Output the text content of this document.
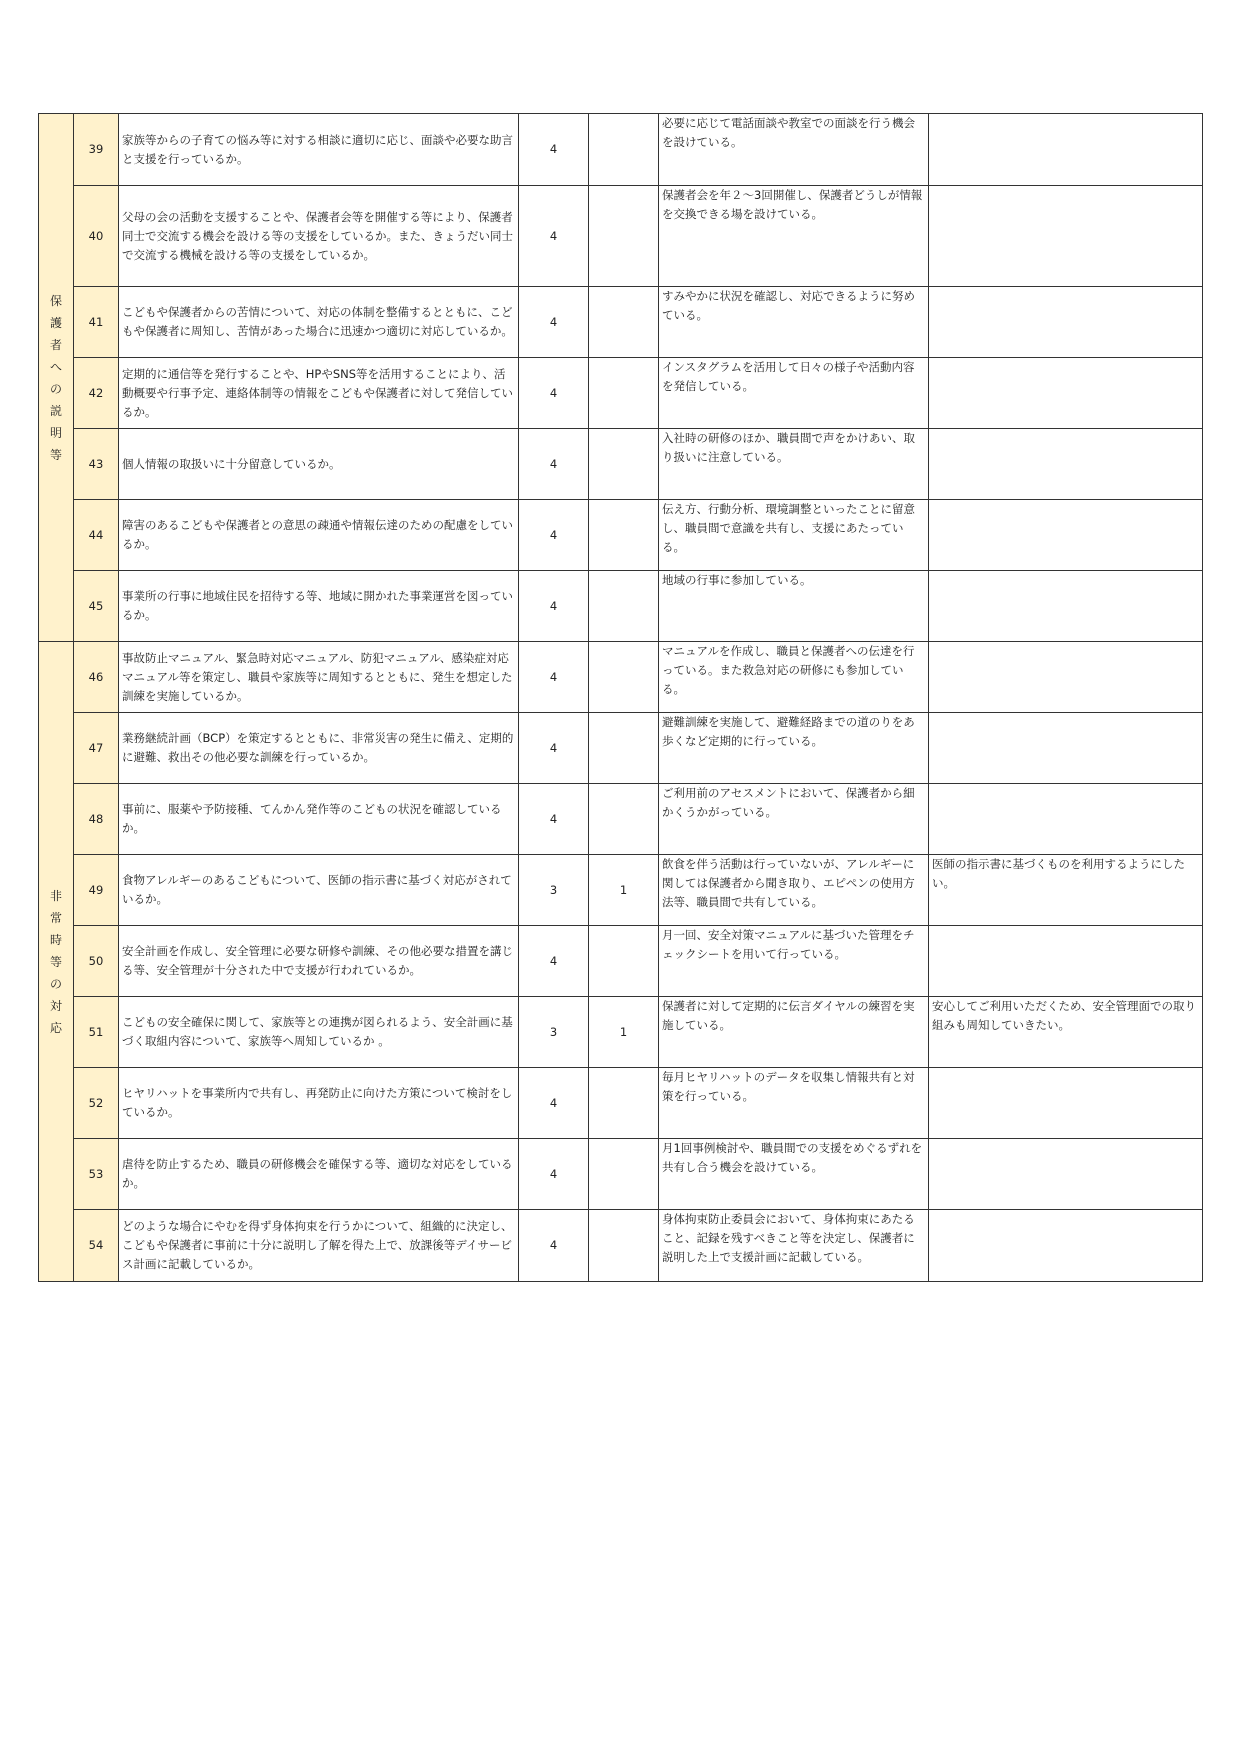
保護者への説明等	39	家族等からの子育ての悩み等に対する相談に適切に応じ、面談や必要な助言と支援を行っているか。	4		必要に応じて電話面談や教室での面談を行う機会を設けている。	
	40	父母の会の活動を支援することや、保護者会等を開催する等により、保護者同士で交流する機会を設ける等の支援をしているか。また、きょうだい同士で交流する機械を設ける等の支援をしているか。	4		保護者会を年２～3回開催し、保護者どうしが情報を交換できる場を設けている。	
	41	こどもや保護者からの苦情について、対応の体制を整備するとともに、こどもや保護者に周知し、苦情があった場合に迅速かつ適切に対応しているか。	4		すみやかに状況を確認し、対応できるように努めている。	
	42	定期的に通信等を発行することや、HPやSNS等を活用することにより、活動概要や行事予定、連絡体制等の情報をこどもや保護者に対して発信しているか。	4		インスタグラムを活用して日々の様子や活動内容を発信している。	
	43	個人情報の取扱いに十分留意しているか。	4		入社時の研修のほか、職員間で声をかけあい、取り扱いに注意している。	
	44	障害のあるこどもや保護者との意思の疎通や情報伝達のための配慮をしているか。	4		伝え方、行動分析、環境調整といったことに留意し、職員間で意識を共有し、支援にあたっている。	
	45	事業所の行事に地域住民を招待する等、地域に開かれた事業運営を図っているか。	4		地域の行事に参加している。	
非常時等の対応	46	事故防止マニュアル、緊急時対応マニュアル、防犯マニュアル、感染症対応マニュアル等を策定し、職員や家族等に周知するとともに、発生を想定した訓練を実施しているか。	4		マニュアルを作成し、職員と保護者への伝達を行っている。また救急対応の研修にも参加している。	
	47	業務継続計画（BCP）を策定するとともに、非常災害の発生に備え、定期的に避難、救出その他必要な訓練を行っているか。	4		避難訓練を実施して、避難経路までの道のりをあ歩くなど定期的に行っている。	
	48	事前に、服薬や予防接種、てんかん発作等のこどもの状況を確認しているか。	4		ご利用前のアセスメントにおいて、保護者から細かくうかがっている。	
	49	食物アレルギーのあるこどもについて、医師の指示書に基づく対応がされているか。	3	1	飲食を伴う活動は行っていないが、アレルギーに関しては保護者から聞き取り、エピペンの使用方法等、職員間で共有している。	医師の指示書に基づくものを利用するようにしたい。
	50	安全計画を作成し、安全管理に必要な研修や訓練、その他必要な措置を講じる等、安全管理が十分された中で支援が行われているか。	4		月一回、安全対策マニュアルに基づいた管理をチェックシートを用いて行っている。	
	51	こどもの安全確保に関して、家族等との連携が図られるよう、安全計画に基づく取組内容について、家族等へ周知しているか 。	3	1	保護者に対して定期的に伝言ダイヤルの練習を実施している。	安心してご利用いただくため、安全管理面での取り組みも周知していきたい。
	52	ヒヤリハットを事業所内で共有し、再発防止に向けた方策について検討をしているか。	4		毎月ヒヤリハットのデータを収集し情報共有と対策を行っている。	
	53	虐待を防止するため、職員の研修機会を確保する等、適切な対応をしているか。	4		月1回事例検討や、職員間での支援をめぐるずれを共有し合う機会を設けている。	
	54	どのような場合にやむを得ず身体拘束を行うかについて、組織的に決定し、こどもや保護者に事前に十分に説明し了解を得た上で、放課後等デイサービス計画に記載しているか。	4		身体拘束防止委員会において、身体拘束にあたること、記録を残すべきこと等を決定し、保護者に説明した上で支援計画に記載している。	
